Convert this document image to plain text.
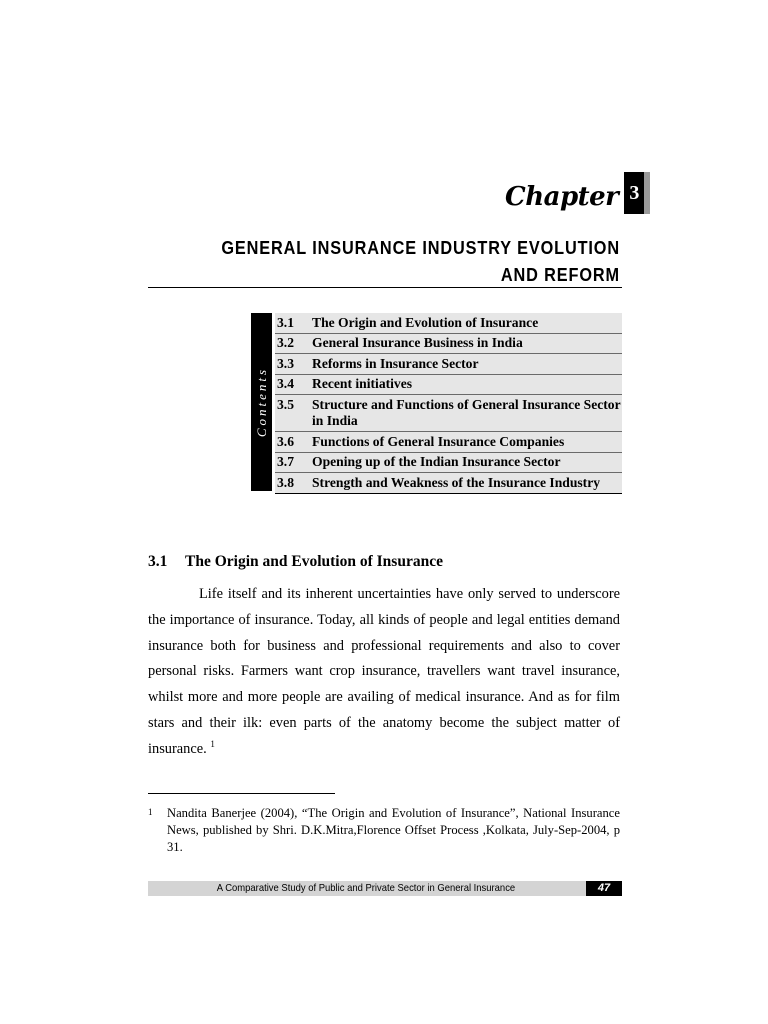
Chapter 3
GENERAL INSURANCE INDUSTRY EVOLUTION
AND REFORM
Contents
3.1	The Origin and Evolution of Insurance
3.2	General Insurance Business in India
3.3	Reforms in Insurance Sector
3.4	Recent initiatives
3.5	Structure and Functions of General Insurance Sector in India
3.6	Functions of General Insurance Companies
3.7	Opening up of the Indian Insurance Sector
3.8	Strength and Weakness of the Insurance Industry
3.1 The Origin and Evolution of Insurance

Life itself and its inherent uncertainties have only served to underscore the importance of insurance. Today, all kinds of people and legal entities demand insurance both for business and professional requirements and also to cover personal risks. Farmers want crop insurance, travellers want travel insurance, whilst more and more people are availing of medical insurance. And as for film stars and their ilk: even parts of the anatomy become the subject matter of insurance. $^1$

1	Nandita Banerjee (2004), “The Origin and Evolution of Insurance”, National Insurance News, published by Shri. D.K.Mitra,Florence Offset Process ,Kolkata, July-Sep-2004, p 31.
A Comparative Study of Public and Private Sector in General Insurance	47
